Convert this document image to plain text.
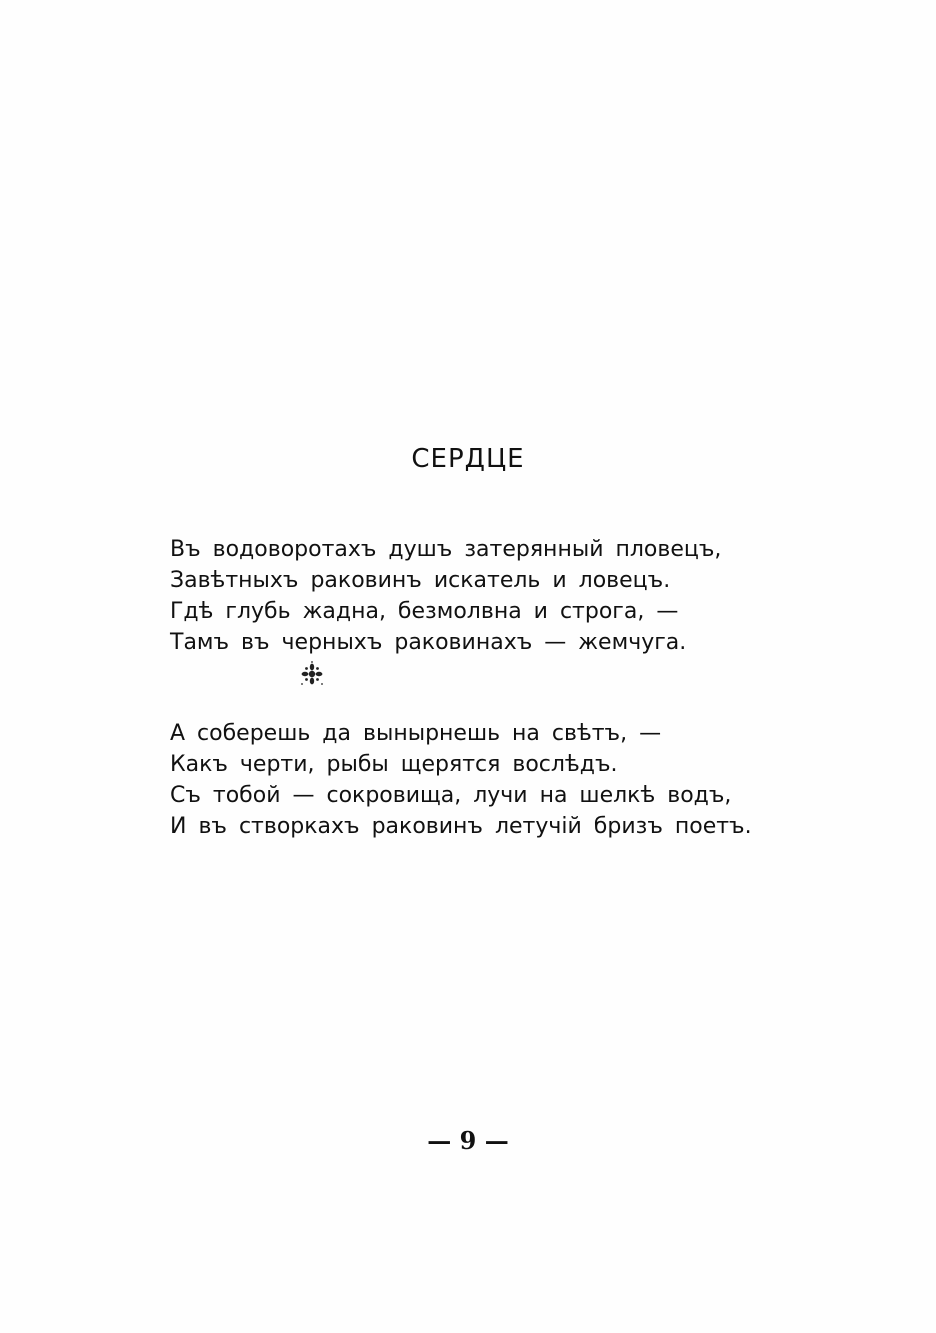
СЕРДЦЕ
Въ водоворотахъ душъ затерянный пловецъ,
Завѣтныхъ раковинъ искатель и ловецъ.
Гдѣ глубь жадна, безмолвна и строга, —
Тамъ въ черныхъ раковинахъ — жемчуга.
А соберешь да вынырнешь на свѣтъ, —
Какъ черти, рыбы щерятся вослѣдъ.
Съ тобой — сокровища, лучи на шелкѣ водъ,
И въ створкахъ раковинъ летучій бризъ поетъ.
— 9 —
